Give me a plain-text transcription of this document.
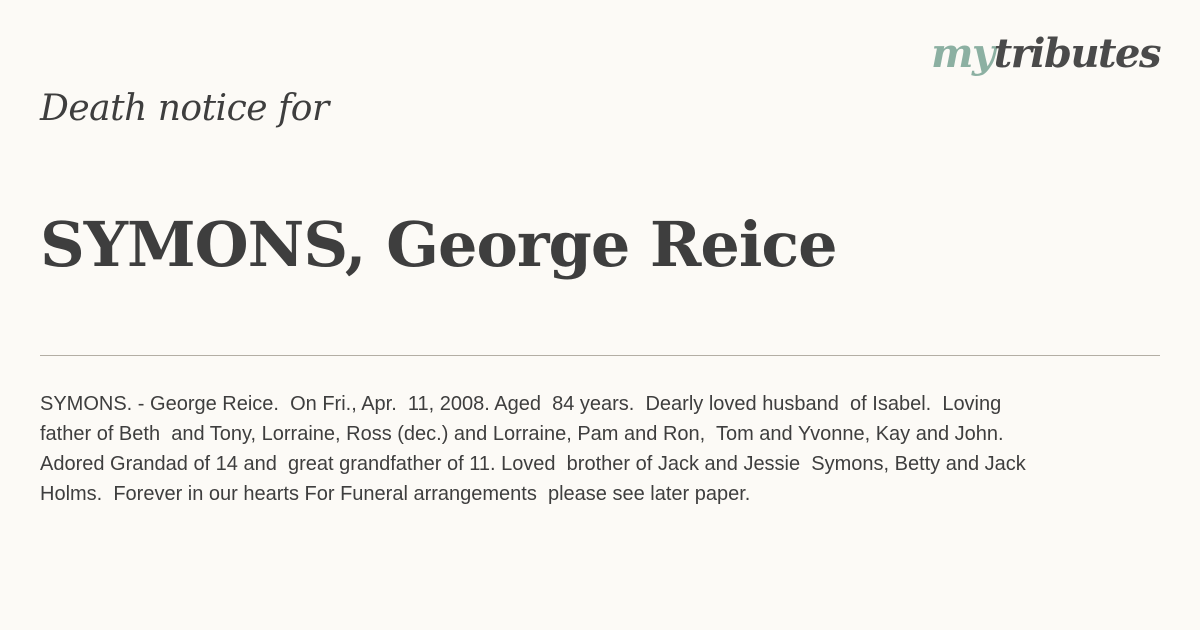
mytributes
Death notice for
SYMONS, George Reice

SYMONS. - George Reice.  On Fri., Apr.  11, 2008. Aged  84 years.  Dearly loved husband  of Isabel.  Loving
father of Beth  and Tony, Lorraine, Ross (dec.) and Lorraine, Pam and Ron,  Tom and Yvonne, Kay and John.
Adored Grandad of 14 and  great grandfather of 11. Loved  brother of Jack and Jessie  Symons, Betty and Jack
Holms.  Forever in our hearts For Funeral arrangements  please see later paper.
